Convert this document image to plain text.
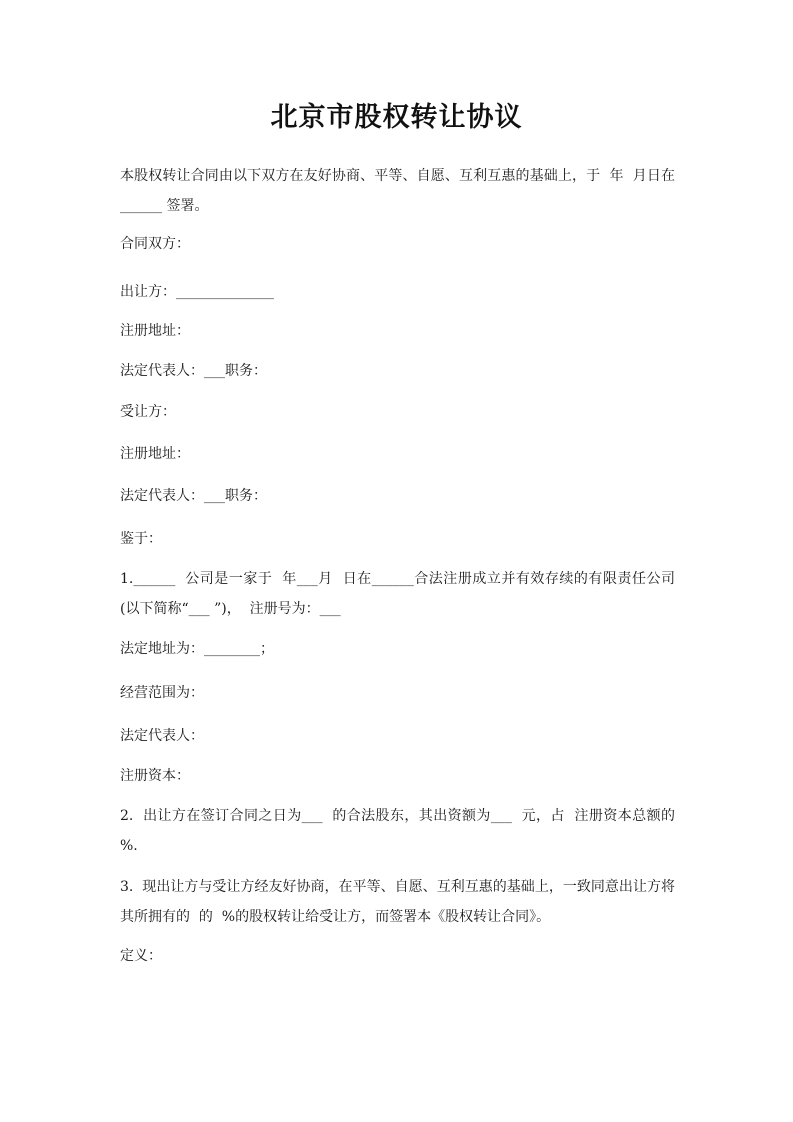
北京市股权转让协议

本股权转让合同由以下双方在友好协商、平等、自愿、互利互惠的基础上，于  年  月日在______ 签署。

合同双方：

出让方：______________

注册地址：

法定代表人：___职务：

受让方：

注册地址：

法定代表人：___职务：

鉴于：

1.______  公司是一家于  年___月  日在______合法注册成立并有效存续的有限责任公司(以下简称“___ ”)，  注册号为：___

法定地址为：________；

经营范围为：

法定代表人：

注册资本：

2.  出让方在签订合同之日为___  的合法股东，其出资额为___  元，占  注册资本总额的  %.

3.  现出让方与受让方经友好协商，在平等、自愿、互利互惠的基础上，一致同意出让方将其所拥有的  的  %的股权转让给受让方，而签署本《股权转让合同》。

定义：
